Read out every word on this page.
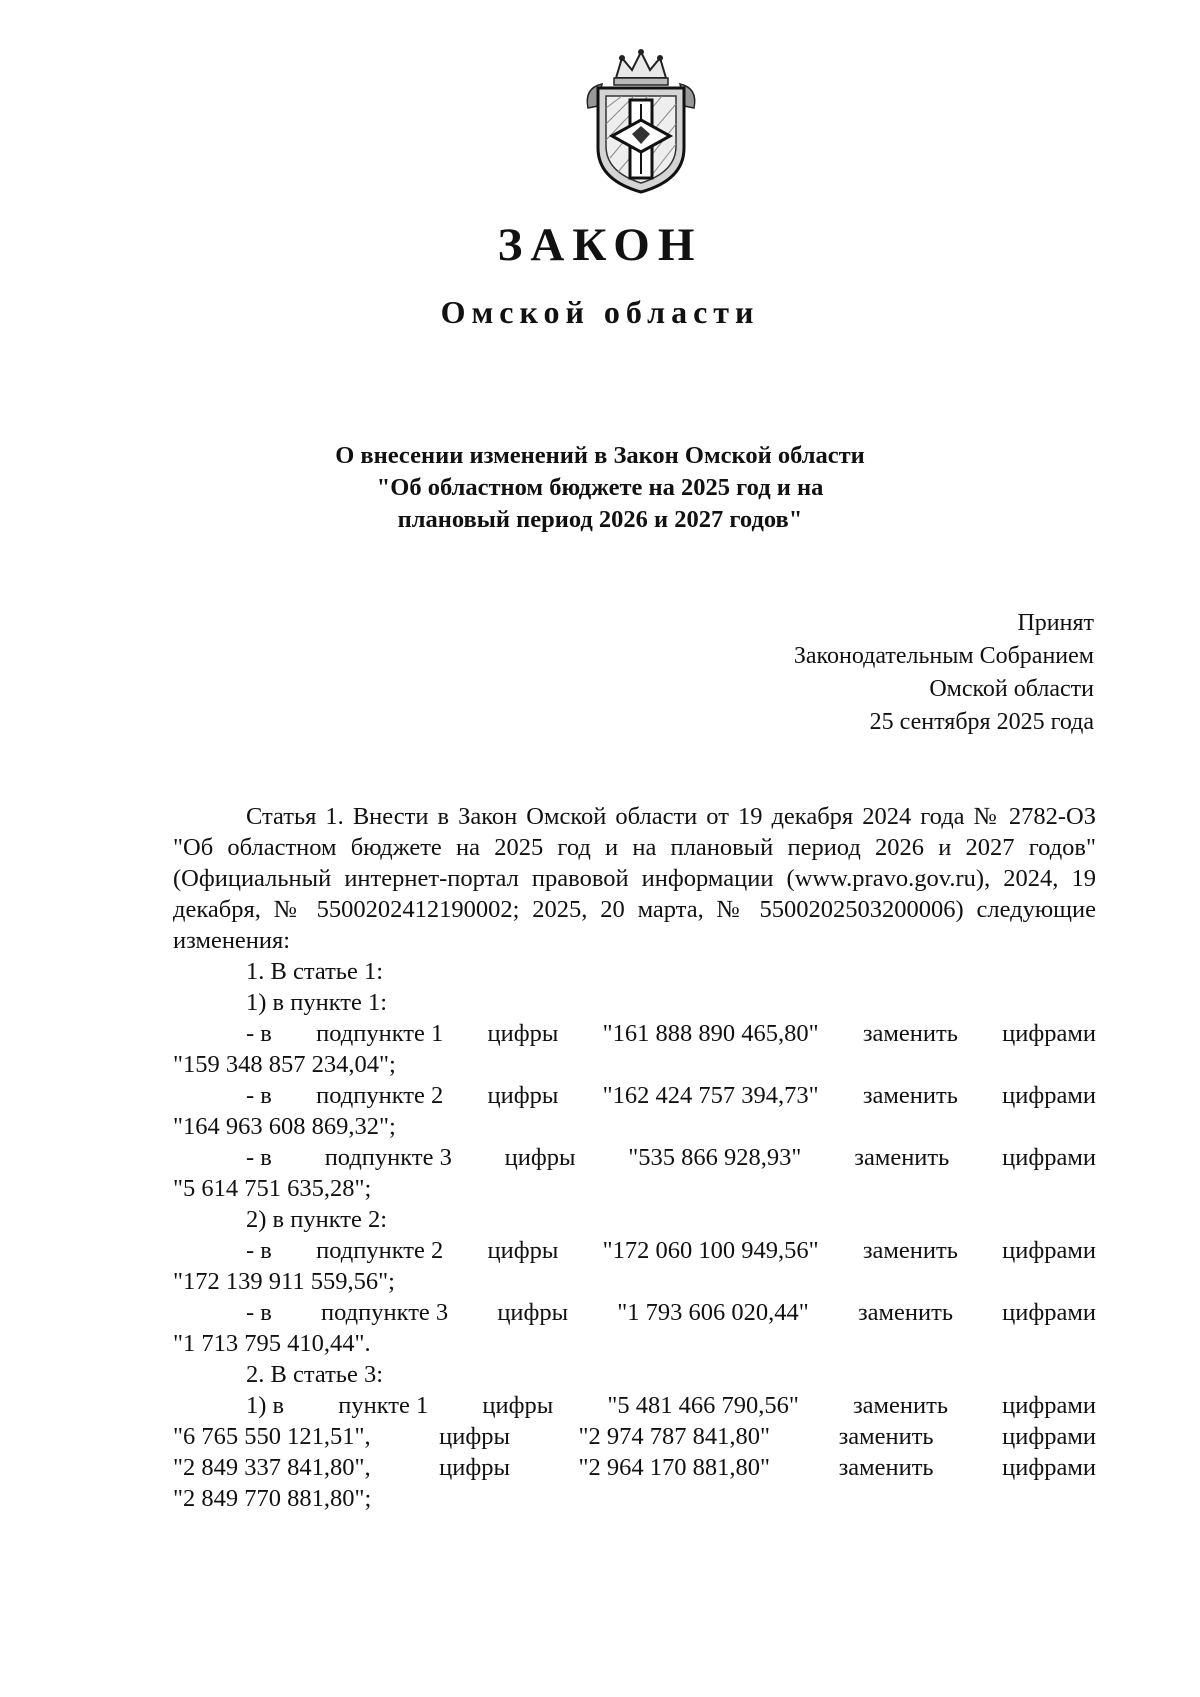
ЗАКОН
Омской области
О внесении изменений в Закон Омской области
"Об областном бюджете на 2025 год и на
плановый период 2026 и 2027 годов"
Принят
Законодательным Собранием
Омской области
25 сентября 2025 года

Статья 1. Внести в Закон Омской области от 19 декабря 2024 года № 2782-ОЗ "Об областном бюджете на 2025 год и на плановый период 2026 и 2027 годов" (Официальный интернет-портал правовой информации (www.pravo.gov.ru), 2024, 19 декабря, № 5500202412190002; 2025, 20 марта, № 5500202503200006) следующие изменения:

1. В статье 1:
1) в пункте 1:
- в подпункте 1 цифры "161 888 890 465,80" заменить цифрами
"159 348 857 234,04";
- в подпункте 2 цифры "162 424 757 394,73" заменить цифрами
"164 963 608 869,32";
- в подпункте 3 цифры "535 866 928,93" заменить цифрами
"5 614 751 635,28";
2) в пункте 2:
- в подпункте 2 цифры "172 060 100 949,56" заменить цифрами
"172 139 911 559,56";
- в подпункте 3 цифры "1 793 606 020,44" заменить цифрами
"1 713 795 410,44".
2. В статье 3:
1) в пункте 1 цифры "5 481 466 790,56" заменить цифрами
"6 765 550 121,51",	цифры	"2 974 787 841,80"	заменить	цифрами
"2 849 337 841,80",	цифры	"2 964 170 881,80"	заменить	цифрами
"2 849 770 881,80";
